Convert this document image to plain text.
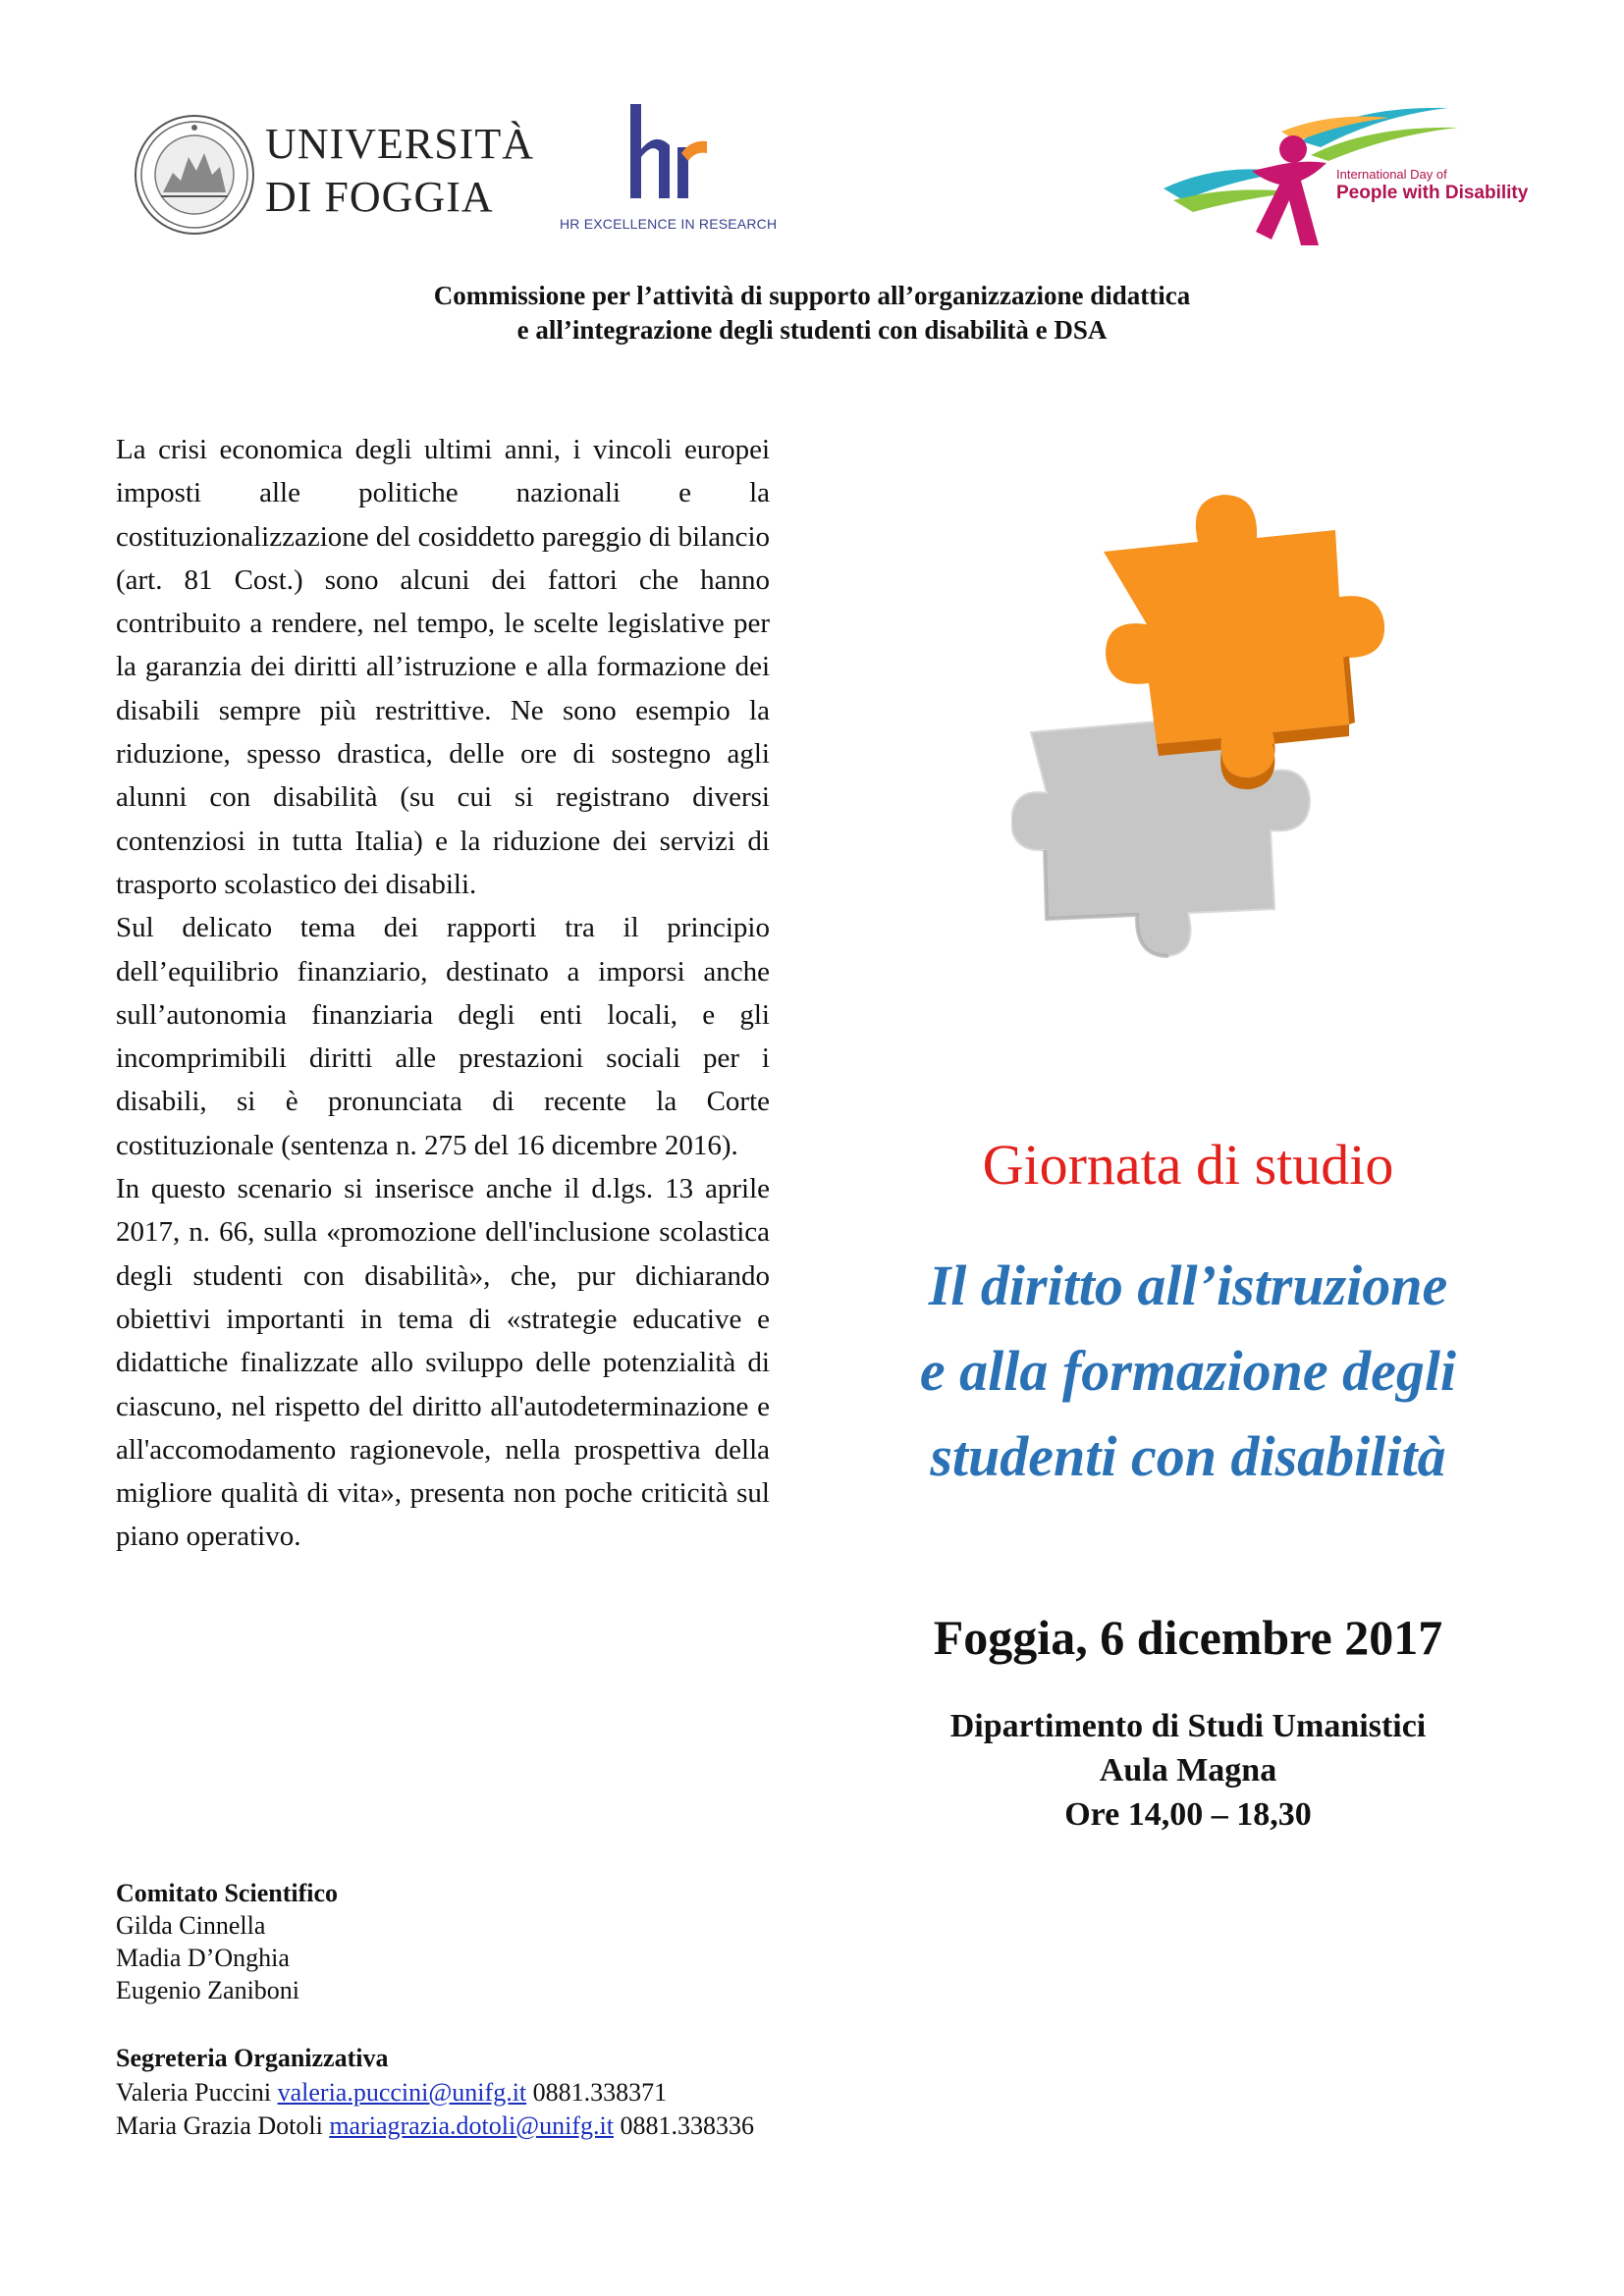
UNIVERSITÀ
DI FOGGIA
HR EXCELLENCE IN RESEARCH
International Day of
People with Disability
Commissione per l’attività di supporto all’organizzazione didattica
e all’integrazione degli studenti con disabilità e DSA

La crisi economica degli ultimi anni, i vincoli europei imposti alle politiche nazionali e la costituzionalizzazione del cosiddetto pareggio di bilancio (art. 81 Cost.) sono alcuni dei fattori che hanno contribuito a rendere, nel tempo, le scelte legislative per la garanzia dei diritti all’istruzione e alla formazione dei disabili sempre più restrittive. Ne sono esempio la riduzione, spesso drastica, delle ore di sostegno agli alunni con disabilità (su cui si registrano diversi contenziosi in tutta Italia) e la riduzione dei servizi di trasporto scolastico dei disabili.

Sul delicato tema dei rapporti tra il principio dell’equilibrio finanziario, destinato a imporsi anche sull’autonomia finanziaria degli enti locali, e gli incomprimibili diritti alle prestazioni sociali per i disabili, si è pronunciata di recente la Corte costituzionale (sentenza n. 275 del 16 dicembre 2016).

In questo scenario si inserisce anche il d.lgs. 13 aprile 2017, n. 66, sulla «promozione dell'inclusione scolastica degli studenti con disabilità», che, pur dichiarando obiettivi importanti in tema di «strategie educative e didattiche finalizzate allo sviluppo delle potenzialità di ciascuno, nel rispetto del diritto all'autodeterminazione e all'accomodamento ragionevole, nella prospettiva della migliore qualità di vita», presenta non poche criticità sul piano operativo.

Giornata di studio
Il diritto all’istruzione
e alla formazione degli
studenti con disabilità
Foggia, 6 dicembre 2017
Dipartimento di Studi Umanistici
Aula Magna
Ore 14,00 – 18,30
Comitato Scientifico
Gilda Cinnella
Madia D’Onghia
Eugenio Zaniboni
Segreteria Organizzativa
Valeria Puccini valeria.puccini@unifg.it 0881.338371
Maria Grazia Dotoli mariagrazia.dotoli@unifg.it 0881.338336
